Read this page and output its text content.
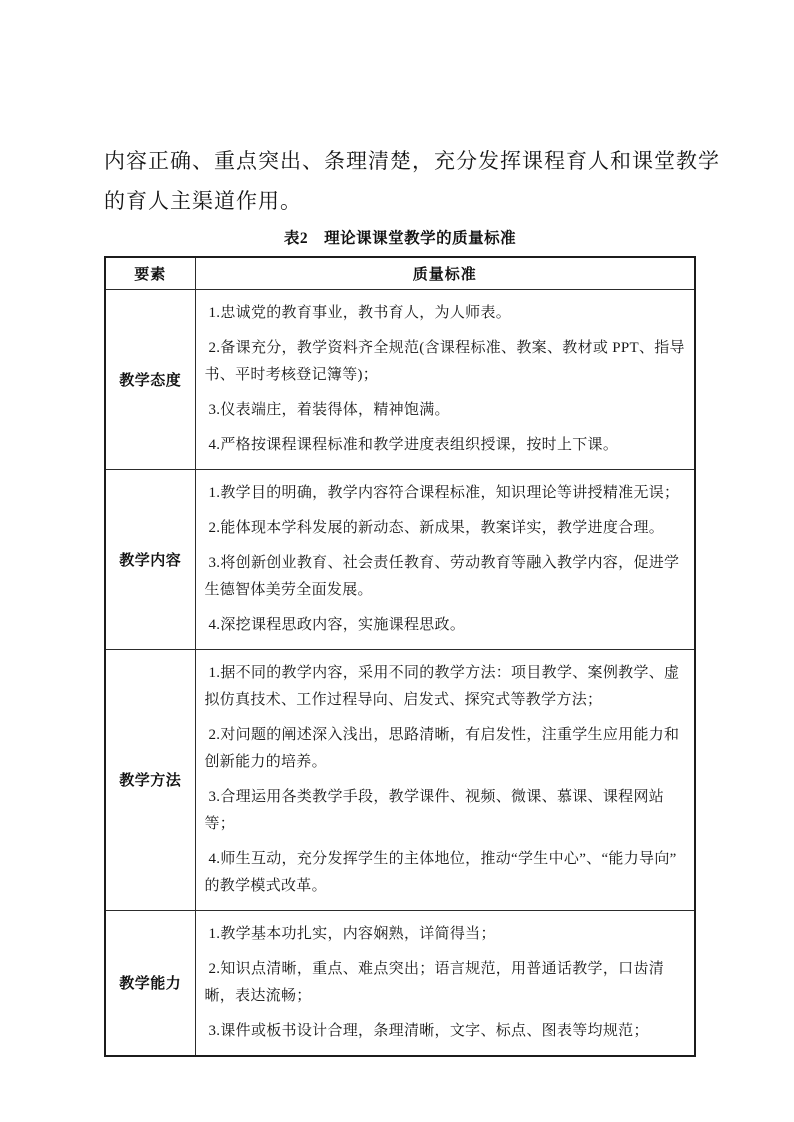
内容正确、重点突出、条理清楚，充分发挥课程育人和课堂教学
的育人主渠道作用。
表2　理论课课堂教学的质量标准
要素	质量标准
教学态度	1.忠诚党的教育事业，教书育人，为人师表。

2.备课充分，教学资料齐全规范(含课程标准、教案、教材或 PPT、指导书、平时考核登记簿等)；

3.仪表端庄，着装得体，精神饱满。

4.严格按课程课程标准和教学进度表组织授课，按时上下课。

教学内容	1.教学目的明确，教学内容符合课程标准，知识理论等讲授精准无误；

2.能体现本学科发展的新动态、新成果，教案详实，教学进度合理。

3.将创新创业教育、社会责任教育、劳动教育等融入教学内容，促进学生德智体美劳全面发展。

4.深挖课程思政内容，实施课程思政。

教学方法	1.据不同的教学内容，采用不同的教学方法：项目教学、案例教学、虚拟仿真技术、工作过程导向、启发式、探究式等教学方法；

2.对问题的阐述深入浅出，思路清晰，有启发性，注重学生应用能力和创新能力的培养。

3.合理运用各类教学手段，教学课件、视频、微课、慕课、课程网站等；

4.师生互动，充分发挥学生的主体地位，推动“学生中心”、“能力导向”的教学模式改革。

教学能力	1.教学基本功扎实，内容娴熟，详简得当；

2.知识点清晰，重点、难点突出；语言规范，用普通话教学，口齿清晰，表达流畅；

3.课件或板书设计合理，条理清晰，文字、标点、图表等均规范；
